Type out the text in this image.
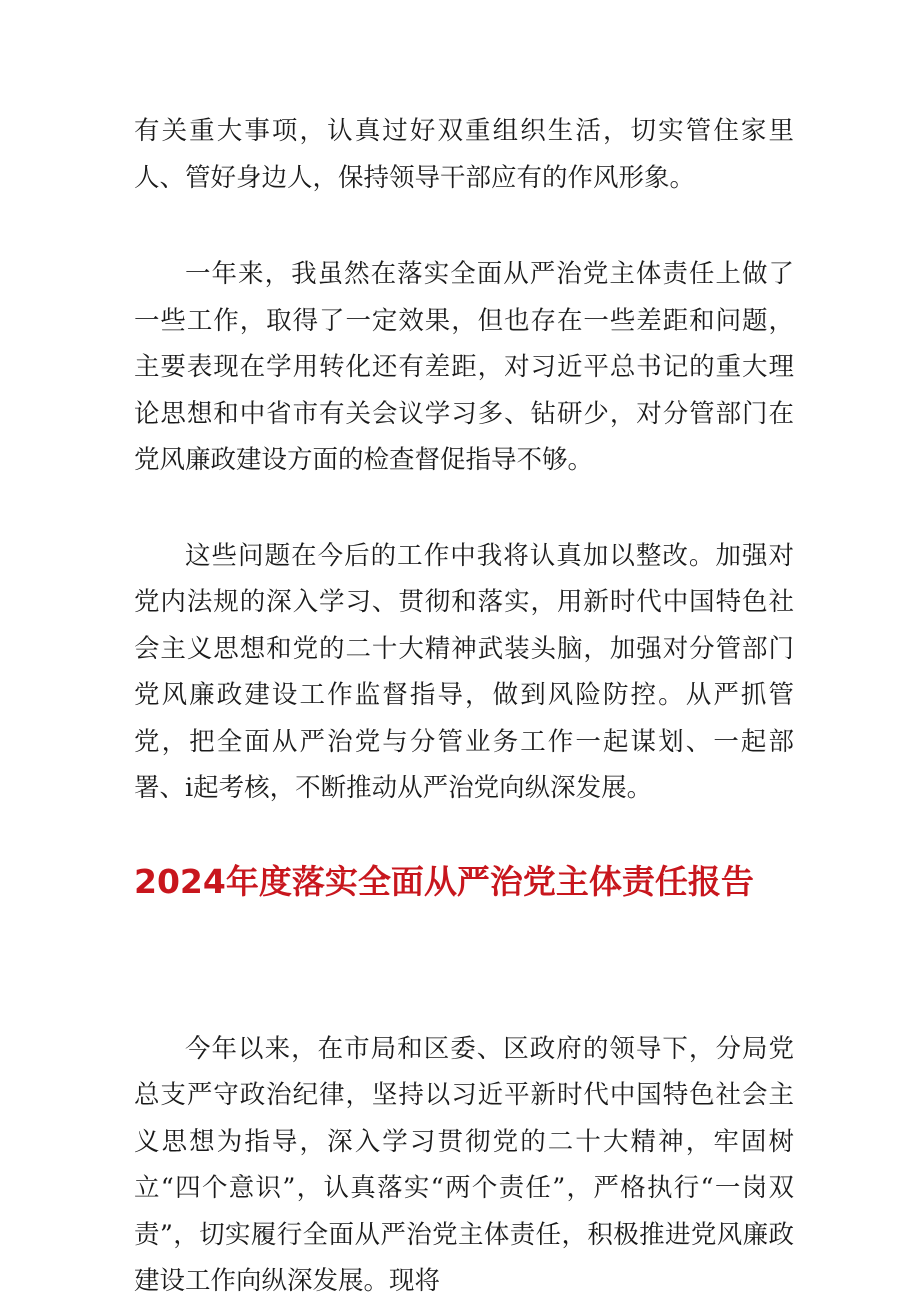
有关重大事项，认真过好双重组织生活，切实管住家里人、管好身边人，保持领导干部应有的作风形象。

一年来，我虽然在落实全面从严治党主体责任上做了一些工作，取得了一定效果，但也存在一些差距和问题，主要表现在学用转化还有差距，对习近平总书记的重大理论思想和中省市有关会议学习多、钻研少，对分管部门在党风廉政建设方面的检查督促指导不够。

这些问题在今后的工作中我将认真加以整改。加强对党内法规的深入学习、贯彻和落实，用新时代中国特色社会主义思想和党的二十大精神武装头脑，加强对分管部门党风廉政建设工作监督指导，做到风险防控。从严抓管党，把全面从严治党与分管业务工作一起谋划、一起部署、i起考核，不断推动从严治党向纵深发展。

2024年度落实全面从严治党主体责任报告

今年以来，在市局和区委、区政府的领导下，分局党总支严守政治纪律，坚持以习近平新时代中国特色社会主义思想为指导，深入学习贯彻党的二十大精神，牢固树立“四个意识”，认真落实“两个责任”，严格执行“一岗双责”，切实履行全面从严治党主体责任，积极推进党风廉政建设工作向纵深发展。现将
